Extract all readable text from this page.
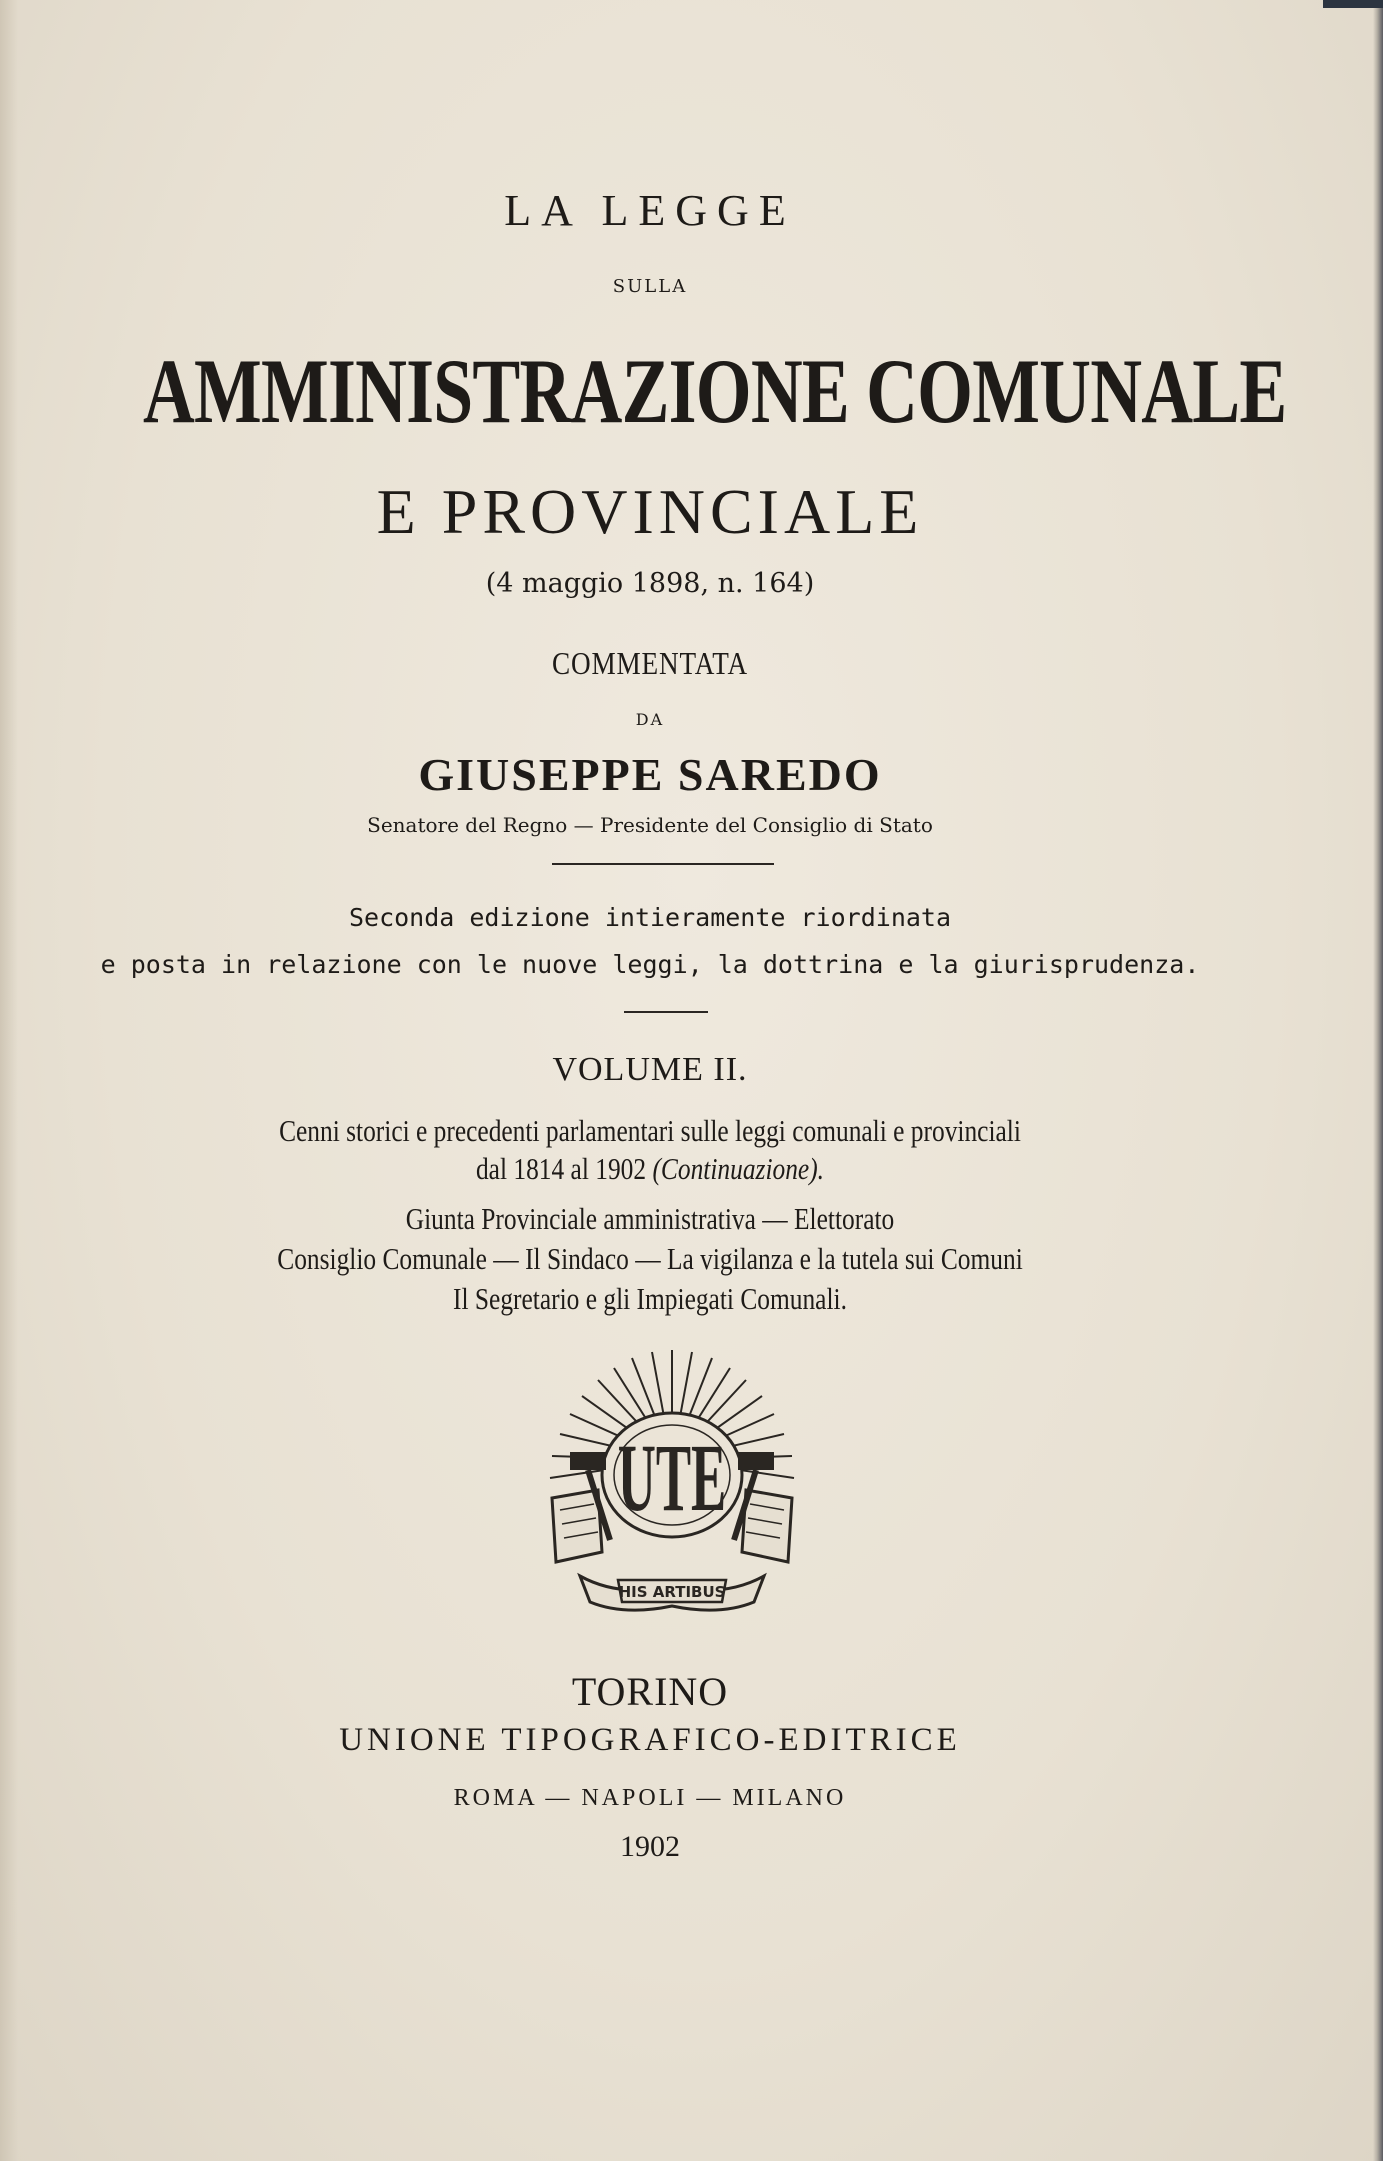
LA LEGGE
SULLA
AMMINISTRAZIONE COMUNALE
E PROVINCIALE
(4 maggio 1898, n. 164)
COMMENTATA
DA
GIUSEPPE SAREDO
Senatore del Regno — Presidente del Consiglio di Stato
Seconda edizione intieramente riordinata
e posta in relazione con le nuove leggi, la dottrina e la giurisprudenza.
VOLUME II.
Cenni storici e precedenti parlamentari sulle leggi comunali e provinciali
dal 1814 al 1902 (Continuazione).
Giunta Provinciale amministrativa — Elettorato
Consiglio Comunale — Il Sindaco — La vigilanza e la tutela sui Comuni
Il Segretario e gli Impiegati Comunali.
UTE
HIS ARTIBUS
TORINO
UNIONE TIPOGRAFICO-EDITRICE
ROMA — NAPOLI — MILANO
1902
